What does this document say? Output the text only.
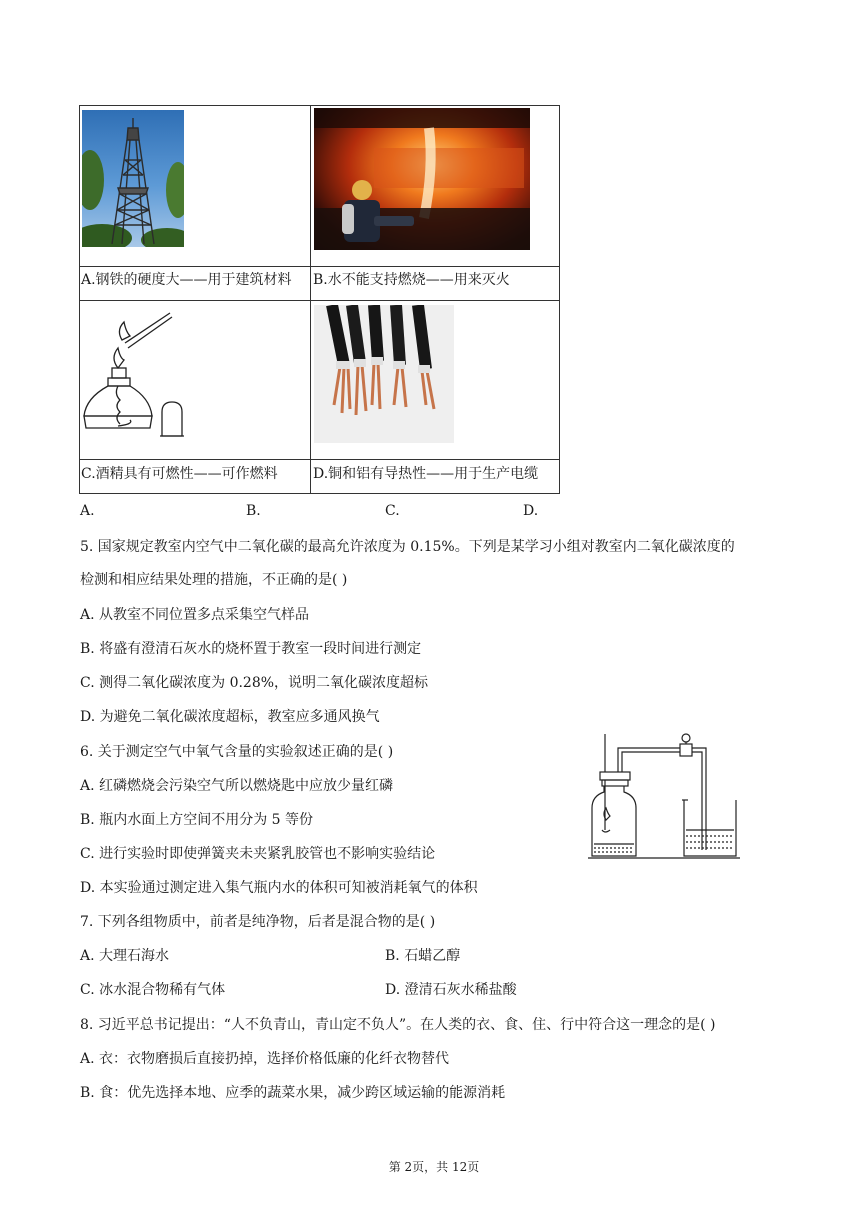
A.钢铁的硬度大——用于建筑材料 B.水不能支持燃烧——用来灭火
C.酒精具有可燃性——可作燃料	D.铜和铝有导热性——用于生产电缆
A.	B.	C.	D.
5. 国家规定教室内空气中二氧化碳的最高允许浓度为 0.15%。下列是某学习小组对教室内二氧化碳浓度的
检测和相应结果处理的措施，不正确的是( )
A. 从教室不同位置多点采集空气样品
B. 将盛有澄清石灰水的烧杯置于教室一段时间进行测定
C. 测得二氧化碳浓度为 0.28%，说明二氧化碳浓度超标
D. 为避免二氧化碳浓度超标，教室应多通风换气
6. 关于测定空气中氧气含量的实验叙述正确的是( )
A. 红磷燃烧会污染空气所以燃烧匙中应放少量红磷
B. 瓶内水面上方空间不用分为 5 等份
C. 进行实验时即使弹簧夹未夹紧乳胶管也不影响实验结论
D. 本实验通过测定进入集气瓶内水的体积可知被消耗氧气的体积
7. 下列各组物质中，前者是纯净物，后者是混合物的是( )
A. 大理石海水	B. 石蜡乙醇
C. 冰水混合物稀有气体	D. 澄清石灰水稀盐酸
8. 习近平总书记提出：“人不负青山，青山定不负人”。在人类的衣、食、住、行中符合这一理念的是( )
A. 衣：衣物磨损后直接扔掉，选择价格低廉的化纤衣物替代
B. 食：优先选择本地、应季的蔬菜水果，减少跨区域运输的能源消耗
第 2页，共 12页
